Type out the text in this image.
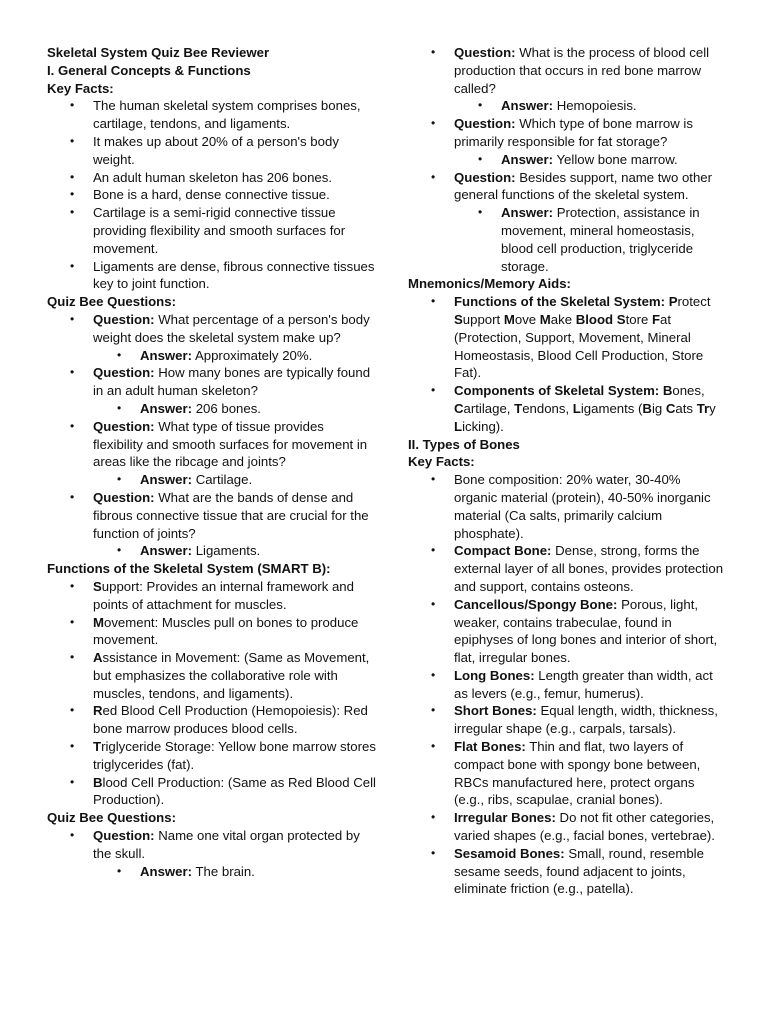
Skeletal System Quiz Bee Reviewer

I. General Concepts & Functions

Key Facts:

• The human skeletal system comprises bones, cartilage, tendons, and ligaments.
• It makes up about 20% of a person's body weight.
• An adult human skeleton has 206 bones.
• Bone is a hard, dense connective tissue.
• Cartilage is a semi-rigid connective tissue providing flexibility and smooth surfaces for movement.
• Ligaments are dense, fibrous connective tissues key to joint function.

Quiz Bee Questions:

• Question: What percentage of a person's body weight does the skeletal system make up?
• Answer: Approximately 20%.
• Question: How many bones are typically found in an adult human skeleton?
• Answer: 206 bones.
• Question: What type of tissue provides flexibility and smooth surfaces for movement in areas like the ribcage and joints?
• Answer: Cartilage.
• Question: What are the bands of dense and fibrous connective tissue that are crucial for the function of joints?
• Answer: Ligaments.

Functions of the Skeletal System (SMART B):

• Support: Provides an internal framework and points of attachment for muscles.
• Movement: Muscles pull on bones to produce movement.
• Assistance in Movement: (Same as Movement, but emphasizes the collaborative role with muscles, tendons, and ligaments).
• Red Blood Cell Production (Hemopoiesis): Red bone marrow produces blood cells.
• Triglyceride Storage: Yellow bone marrow stores triglycerides (fat).
• Blood Cell Production: (Same as Red Blood Cell Production).

Quiz Bee Questions:

• Question: Name one vital organ protected by the skull.
• Answer: The brain.
• Question: What is the process of blood cell production that occurs in red bone marrow called?
• Answer: Hemopoiesis.
• Question: Which type of bone marrow is primarily responsible for fat storage?
• Answer: Yellow bone marrow.
• Question: Besides support, name two other general functions of the skeletal system.
• Answer: Protection, assistance in movement, mineral homeostasis, blood cell production, triglyceride storage.

Mnemonics/Memory Aids:

• Functions of the Skeletal System: Protect Support Move Make Blood Store Fat (Protection, Support, Movement, Mineral Homeostasis, Blood Cell Production, Store Fat).
• Components of Skeletal System: Bones, Cartilage, Tendons, Ligaments (Big Cats Try Licking).

II. Types of Bones

Key Facts:

• Bone composition: 20% water, 30-40% organic material (protein), 40-50% inorganic material (Ca salts, primarily calcium phosphate).
• Compact Bone: Dense, strong, forms the external layer of all bones, provides protection and support, contains osteons.
• Cancellous/Spongy Bone: Porous, light, weaker, contains trabeculae, found in epiphyses of long bones and interior of short, flat, irregular bones.
• Long Bones: Length greater than width, act as levers (e.g., femur, humerus).
• Short Bones: Equal length, width, thickness, irregular shape (e.g., carpals, tarsals).
• Flat Bones: Thin and flat, two layers of compact bone with spongy bone between, RBCs manufactured here, protect organs (e.g., ribs, scapulae, cranial bones).
• Irregular Bones: Do not fit other categories, varied shapes (e.g., facial bones, vertebrae).
• Sesamoid Bones: Small, round, resemble sesame seeds, found adjacent to joints, eliminate friction (e.g., patella).
